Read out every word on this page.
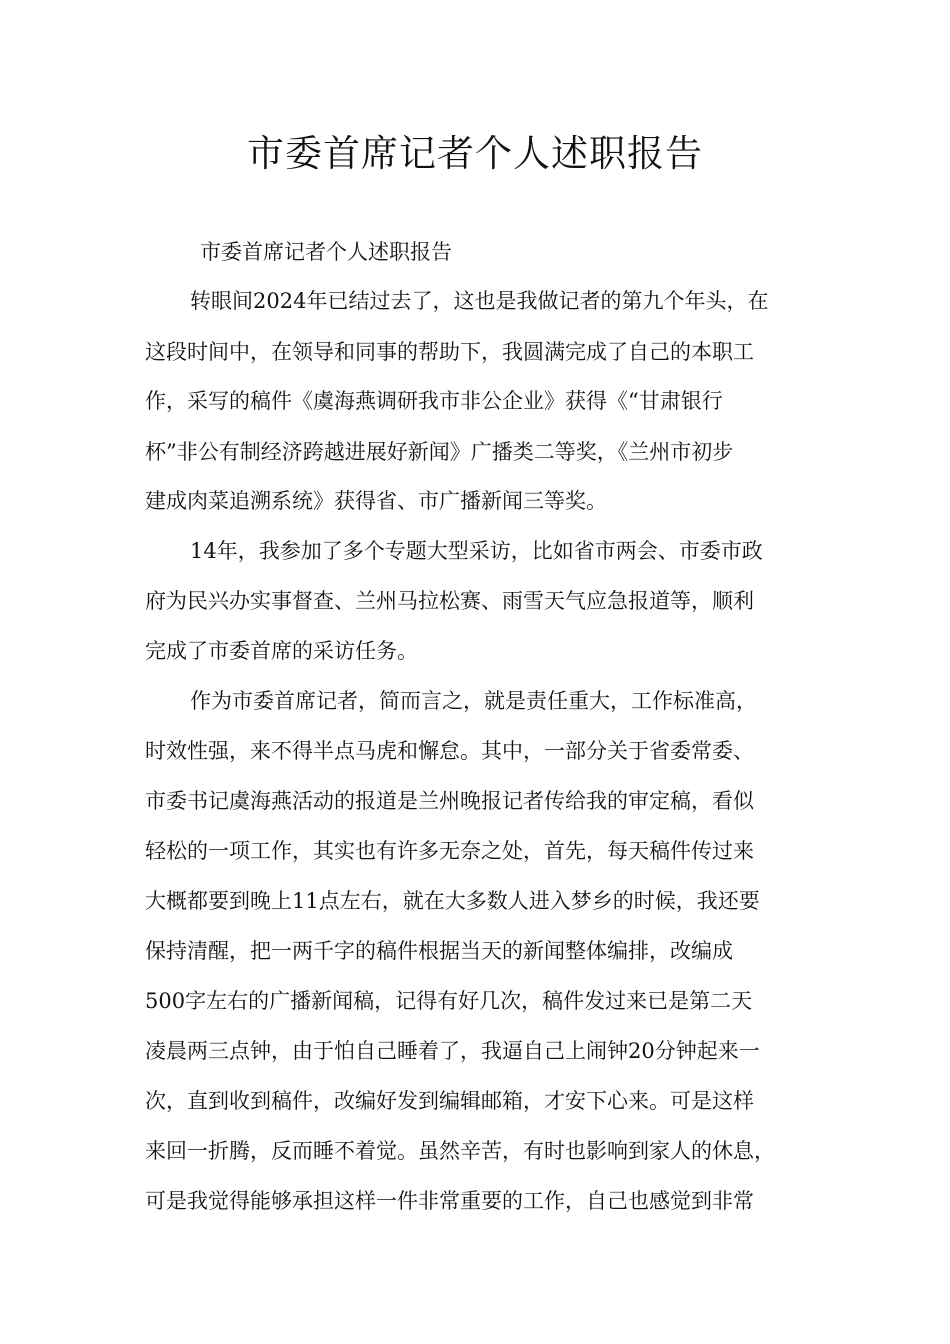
市委首席记者个人述职报告
市委首席记者个人述职报告
转眼间2024年已结过去了，这也是我做记者的第九个年头，在
这段时间中，在领导和同事的帮助下，我圆满完成了自己的本职工
作，采写的稿件《虞海燕调研我市非公企业》获得《“甘肃银行
杯”非公有制经济跨越进展好新闻》广播类二等奖，《兰州市初步
建成肉菜追溯系统》获得省、市广播新闻三等奖。
14年，我参加了多个专题大型采访，比如省市两会、市委市政
府为民兴办实事督查、兰州马拉松赛、雨雪天气应急报道等，顺利
完成了市委首席的采访任务。
作为市委首席记者，简而言之，就是责任重大，工作标准高，
时效性强，来不得半点马虎和懈怠。其中，一部分关于省委常委、
市委书记虞海燕活动的报道是兰州晚报记者传给我的审定稿，看似
轻松的一项工作，其实也有许多无奈之处，首先，每天稿件传过来
大概都要到晚上11点左右，就在大多数人进入梦乡的时候，我还要
保持清醒，把一两千字的稿件根据当天的新闻整体编排，改编成
500字左右的广播新闻稿，记得有好几次，稿件发过来已是第二天
凌晨两三点钟，由于怕自己睡着了，我逼自己上闹钟20分钟起来一
次，直到收到稿件，改编好发到编辑邮箱，才安下心来。可是这样
来回一折腾，反而睡不着觉。虽然辛苦，有时也影响到家人的休息，
可是我觉得能够承担这样一件非常重要的工作，自己也感觉到非常
